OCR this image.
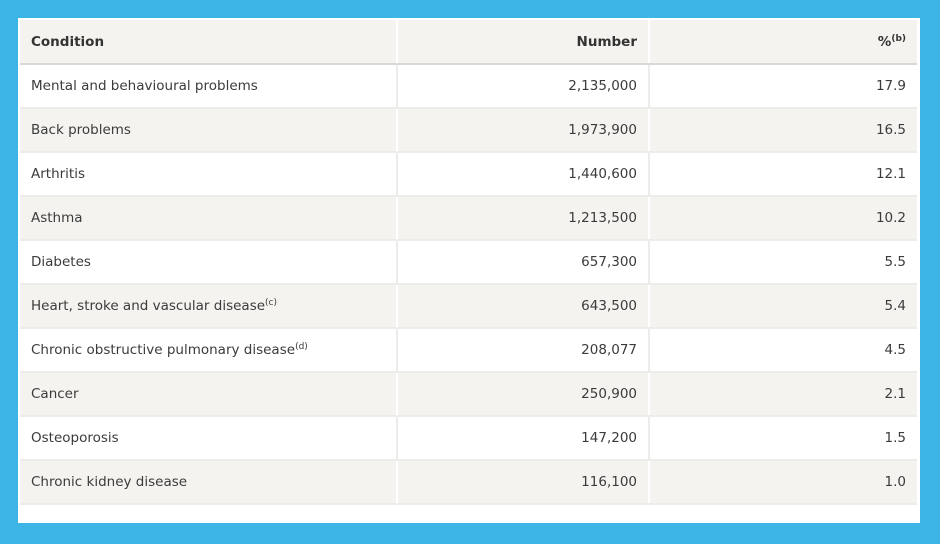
Condition	Number	%$^{(b)}$
Mental and behavioural problems	2,135,000	17.9
Back problems	1,973,900	16.5
Arthritis	1,440,600	12.1
Asthma	1,213,500	10.2
Diabetes	657,300	5.5
Heart, stroke and vascular disease$^{(c)}$	643,500	5.4
Chronic obstructive pulmonary disease$^{(d)}$	208,077	4.5
Cancer	250,900	2.1
Osteoporosis	147,200	1.5
Chronic kidney disease	116,100	1.0
